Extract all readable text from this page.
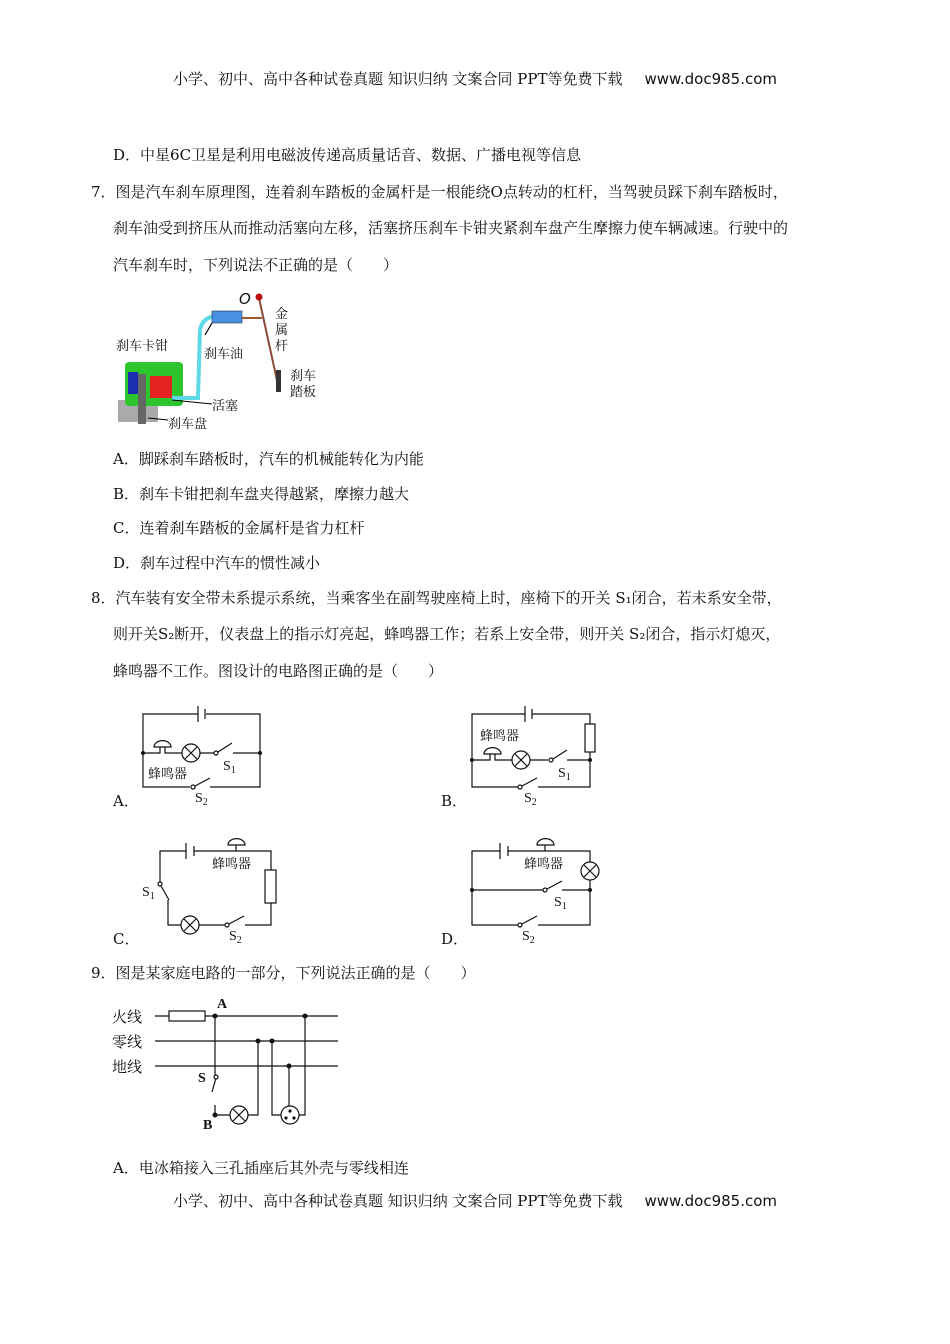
小学、初中、高中各种试卷真题 知识归纳 文案合同 PPT等免费下载 www.doc985.com
D．中星6C卫星是利用电磁波传递高质量话音、数据、广播电视等信息
7．图是汽车刹车原理图，连着刹车踏板的金属杆是一根能绕O点转动的杠杆，当驾驶员踩下刹车踏板时，
刹车油受到挤压从而推动活塞向左移，活塞挤压刹车卡钳夹紧刹车盘产生摩擦力使车辆减速。行驶中的
汽车刹车时，下列说法不正确的是（　　）
A．脚踩刹车踏板时，汽车的机械能转化为内能
B．刹车卡钳把刹车盘夹得越紧，摩擦力越大
C．连着刹车踏板的金属杆是省力杠杆
D．刹车过程中汽车的惯性减小
8．汽车装有安全带未系提示系统，当乘客坐在副驾驶座椅上时，座椅下的开关 S₁闭合，若未系安全带，
则开关S₂断开，仪表盘上的指示灯亮起，蜂鸣器工作；若系上安全带，则开关 S₂闭合，指示灯熄灭，
蜂鸣器不工作。图设计的电路图正确的是（　　）
A．	B．
C．	D．
9．图是某家庭电路的一部分，下列说法正确的是（　　）
A．电冰箱接入三孔插座后其外壳与零线相连
小学、初中、高中各种试卷真题 知识归纳 文案合同 PPT等免费下载 www.doc985.com
O
刹车卡钳
刹车油
金
属
杆
刹车
踏板
活塞
刹车盘
蜂鸣器
$S_1$
$S_2$
蜂鸣器
$S_1$
$S_2$
蜂鸣器
$S_1$
$S_2$
蜂鸣器
$S_1$
$S_2$
火线
零线
地线
A
B
S
